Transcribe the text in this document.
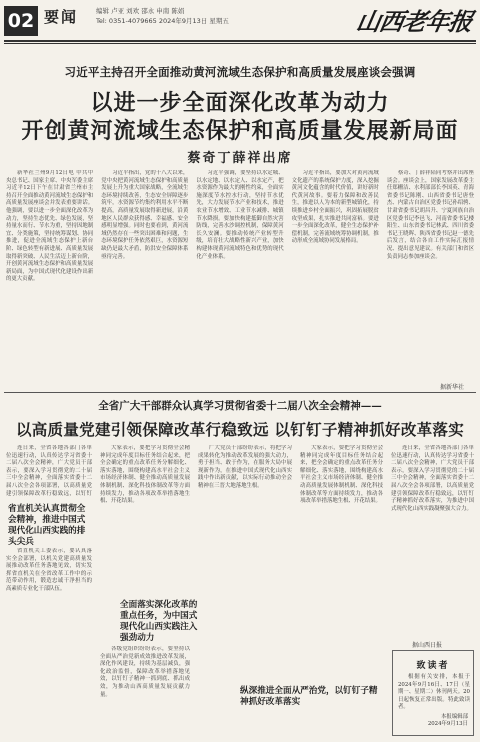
02 要闻	编辑 卢亚 刘欢 邵永 申南 陈娟
Tel: 0351-4079665 2024年9月13日 星期五	山西老年报
习近平主持召开全面推动黄河流域生态保护和高质量发展座谈会强调
以进一步全面深化改革为动力
开创黄河流域生态保护和高质量发展新局面
蔡奇丁薛祥出席
新华社兰州9月12日电 中共中央总书记、国家主席、中央军委主席习近平12日下午在甘肃省兰州市主持召开全面推动黄河流域生态保护和高质量发展座谈会并发表重要讲话。他强调，要以进一步全面深化改革为动力，坚持生态优先、绿色发展，坚持量水而行、节水为重，坚持因地制宜、分类施策，坚持统筹谋划、协同推进，促进全流域生态保护上新台阶、绿色转型有新进展、高质量发展取得新突破、人民生活迈上新台阶，开创黄河流域生态保护和高质量发展新局面，为中国式现代化建设作出新的更大贡献。
习近平指出，党的十八大以来，党中央把黄河流域生态保护和高质量发展上升为重大国家战略，全流域生态环境持续改善，生态安全屏障逐步筑牢，水资源节约集约利用水平不断提高，高质量发展取得新进展，沿黄地区人民群众获得感、幸福感、安全感明显增强。同时也要看到，黄河流域仍然存在一些突出困难和问题，生态环境保护任务依然艰巨，水资源短缺仍是最大矛盾，防洪安全保障体系亟待完善。
习近平强调，要坚持以水定城、以水定地、以水定人、以水定产，把水资源作为最大的刚性约束，全面实施深度节水控水行动，坚持节水优先，大力发展节水产业和技术，推进农业节水增效、工业节水减排、城镇节水降损。要加快构建抵御自然灾害防线，完善水沙调控机制，保障黄河长久安澜。要推动传统产业转型升级，培育壮大战略性新兴产业，加快构建体现黄河流域特色和优势的现代化产业体系。
习近平指出，要加大对黄河流域文化遗产的系统保护力度，深入挖掘黄河文化蕴含的时代价值，讲好新时代黄河故事。要着力保障和改善民生，推进以人为本的新型城镇化，持续推进乡村全面振兴，巩固拓展脱贫攻坚成果，扎实推进共同富裕。要进一步全面深化改革，健全生态保护补偿机制，完善流域统筹协调机制，推动形成全流域协同发展格局。
蔡奇、丁薛祥陪同考察并出席座谈会。座谈会上，国家发展改革委主任郑栅洁、水利部部长李国英、青海省委书记陈刚、山西省委书记唐登杰、内蒙古自治区党委书记孙绍骋、甘肃省委书记胡昌升、宁夏回族自治区党委书记李邑飞、河南省委书记楼阳生、山东省委书记林武、四川省委书记王晓晖、陕西省委书记赵一德先后发言，结合各自工作实际汇报情况、提出意见建议。有关部门和省区负责同志参加座谈会。
据新华社
全省广大干部群众认真学习贯彻省委十二届八次全会精神——
以高质量党建引领保障改革行稳致远 以钉钉子精神抓好改革落实
连日来，全省各地各部门各单位迅速行动，认真传达学习省委十二届八次全会精神，广大党员干部表示，要深入学习贯彻党的二十届三中全会精神，全面落实省委十二届八次全会各项部署，以高质量党建引领保障改革行稳致远，以钉钉
省直机关认真贯彻全会精神，推进中国式现代化山西实践的排头尖兵
省直机关工委表示，要认真落实全会部署，以机关党建高质量发展推动改革任务落地见效，切实发挥省直机关在全省改革工作中的示范带动作用，锻造忠诚干净担当的高素质专业化干部队伍。
大家表示，要把学习贯彻全会精神同完成年度目标任务结合起来，把全会确定的重点改革任务分解细化、落实落地，围绕构建高水平社会主义市场经济体制、健全推动高质量发展体制机制、深化科技体制改革等方面持续发力，推动各项改革举措落地生根、开花结果。
全面落实深化改革的重点任务，为中国式现代化山西实践注入强劲动力
各级党组织纷纷表示，要坚持以全面从严治党新成效推进改革发展，深化作风建设，持续为基层减负，强化政治监督，保障改革举措落地见效，以钉钉子精神一抓到底、抓出成效，为推动山西高质量发展贡献力量。
广大党员干部纷纷表示，将把学习成果转化为推动改革发展的强大动力，勇于担当、敢于作为，在服务大局中展现新作为，在推进中国式现代化山西实践中作出新贡献，以实际行动推动全会精神在三晋大地落地生根。
纵深推进全面从严治党，以钉钉子精神抓好改革落实
大家表示，要把学习贯彻全会精神同完成年度目标任务结合起来，把全会确定的重点改革任务分解细化、落实落地，围绕构建高水平社会主义市场经济体制、健全推动高质量发展体制机制、深化科技体制改革等方面持续发力，推动各项改革举措落地生根、开花结果。
连日来，全省各地各部门各单位迅速行动，认真传达学习省委十二届八次全会精神，广大党员干部表示，要深入学习贯彻党的二十届三中全会精神，全面落实省委十二届八次全会各项部署，以高质量党建引领保障改革行稳致远，以钉钉子精神抓好改革落实，为推进中国式现代化山西实践凝聚强大合力。
据山西日报
致读者
根据有关安排，本报于2024年9月16日、17日（星期一、星期二）休刊两天。20日起恢复正常出版。特此致读者。
本报编辑部
2024年9月13日
